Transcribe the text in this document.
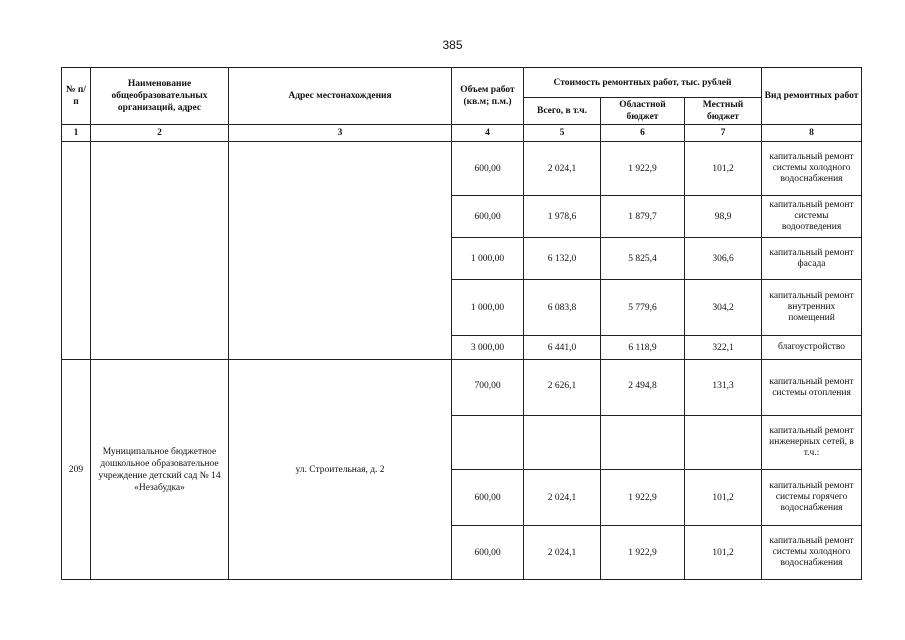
385
№ п/п	Наименование общеобразовательных организаций, адрес	Адрес местонахождения	Объем работ (кв.м; п.м.)	Стоимость ремонтных работ, тыс. рублей			Вид ремонтных работ
				Всего, в т.ч.	Областной бюджет	Местный бюджет	
1	2	3	4	5	6	7	8
			600,00	2 024,1	1 922,9	101,2	капитальный ремонт системы холодного водоснабжения
			600,00	1 978,6	1 879,7	98,9	капитальный ремонт системы водоотведения
			1 000,00	6 132,0	5 825,4	306,6	капитальный ремонт фасада
			1 000,00	6 083,8	5 779,6	304,2	капитальный ремонт внутренних помещений
			3 000,00	6 441,0	6 118,9	322,1	благоустройство
209	Муниципальное бюджетное дошкольное образовательное учреждение детский сад № 14 «Незабудка»	ул. Строительная, д. 2	700,00	2 626,1	2 494,8	131,3	капитальный ремонт системы отопления
							капитальный ремонт инженерных сетей, в т.ч.:
			600,00	2 024,1	1 922,9	101,2	капитальный ремонт системы горячего водоснабжения
			600,00	2 024,1	1 922,9	101,2	капитальный ремонт системы холодного водоснабжения
